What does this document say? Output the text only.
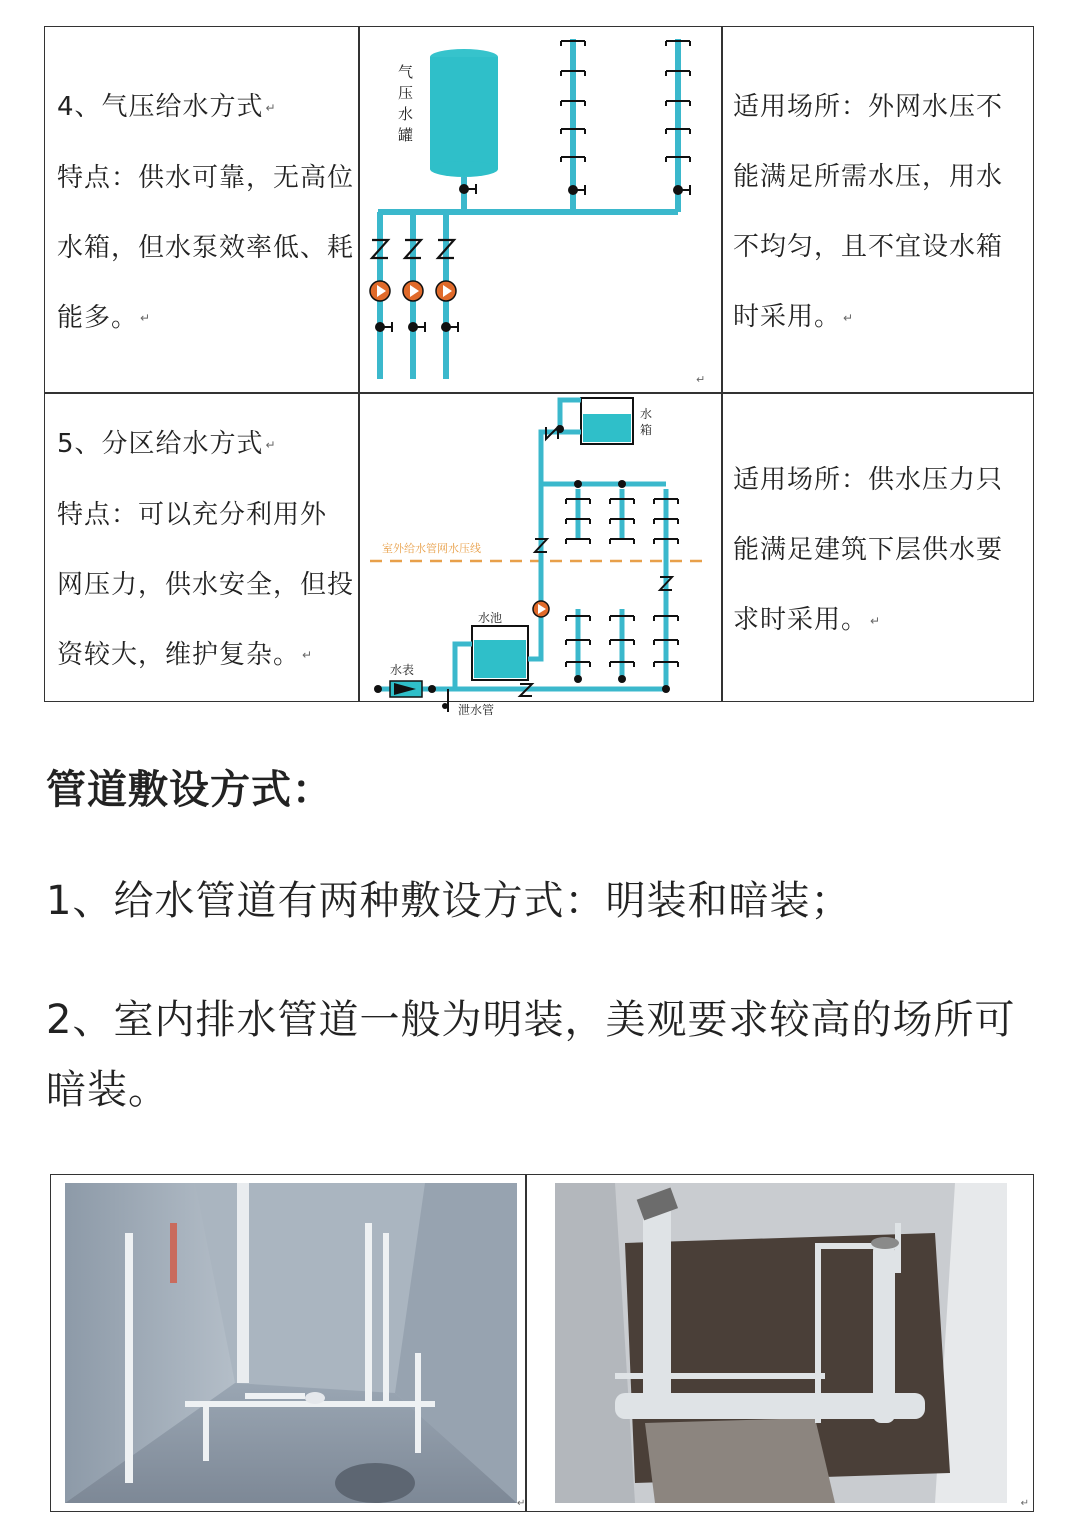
4、气压给水方式 ↵

特点：供水可靠，无高位

水箱，但水泵效率低、耗

能多。 ↵

气压水罐
↵

适用场所：外网水压不

能满足所需水压，用水

不均匀，且不宜设水箱

时采用。 ↵

5、分区给水方式 ↵

特点：可以充分利用外

网压力，供水安全，但投

资较大，维护复杂。 ↵

室外给水管网水压线
水箱
水池
水表
泄水管

适用场所：供水压力只

能满足建筑下层供水要

求时采用。 ↵

管道敷设方式：

1、给水管道有两种敷设方式：明装和暗装；

2、室内排水管道一般为明装，美观要求较高的场所可暗装。

↵	↵
